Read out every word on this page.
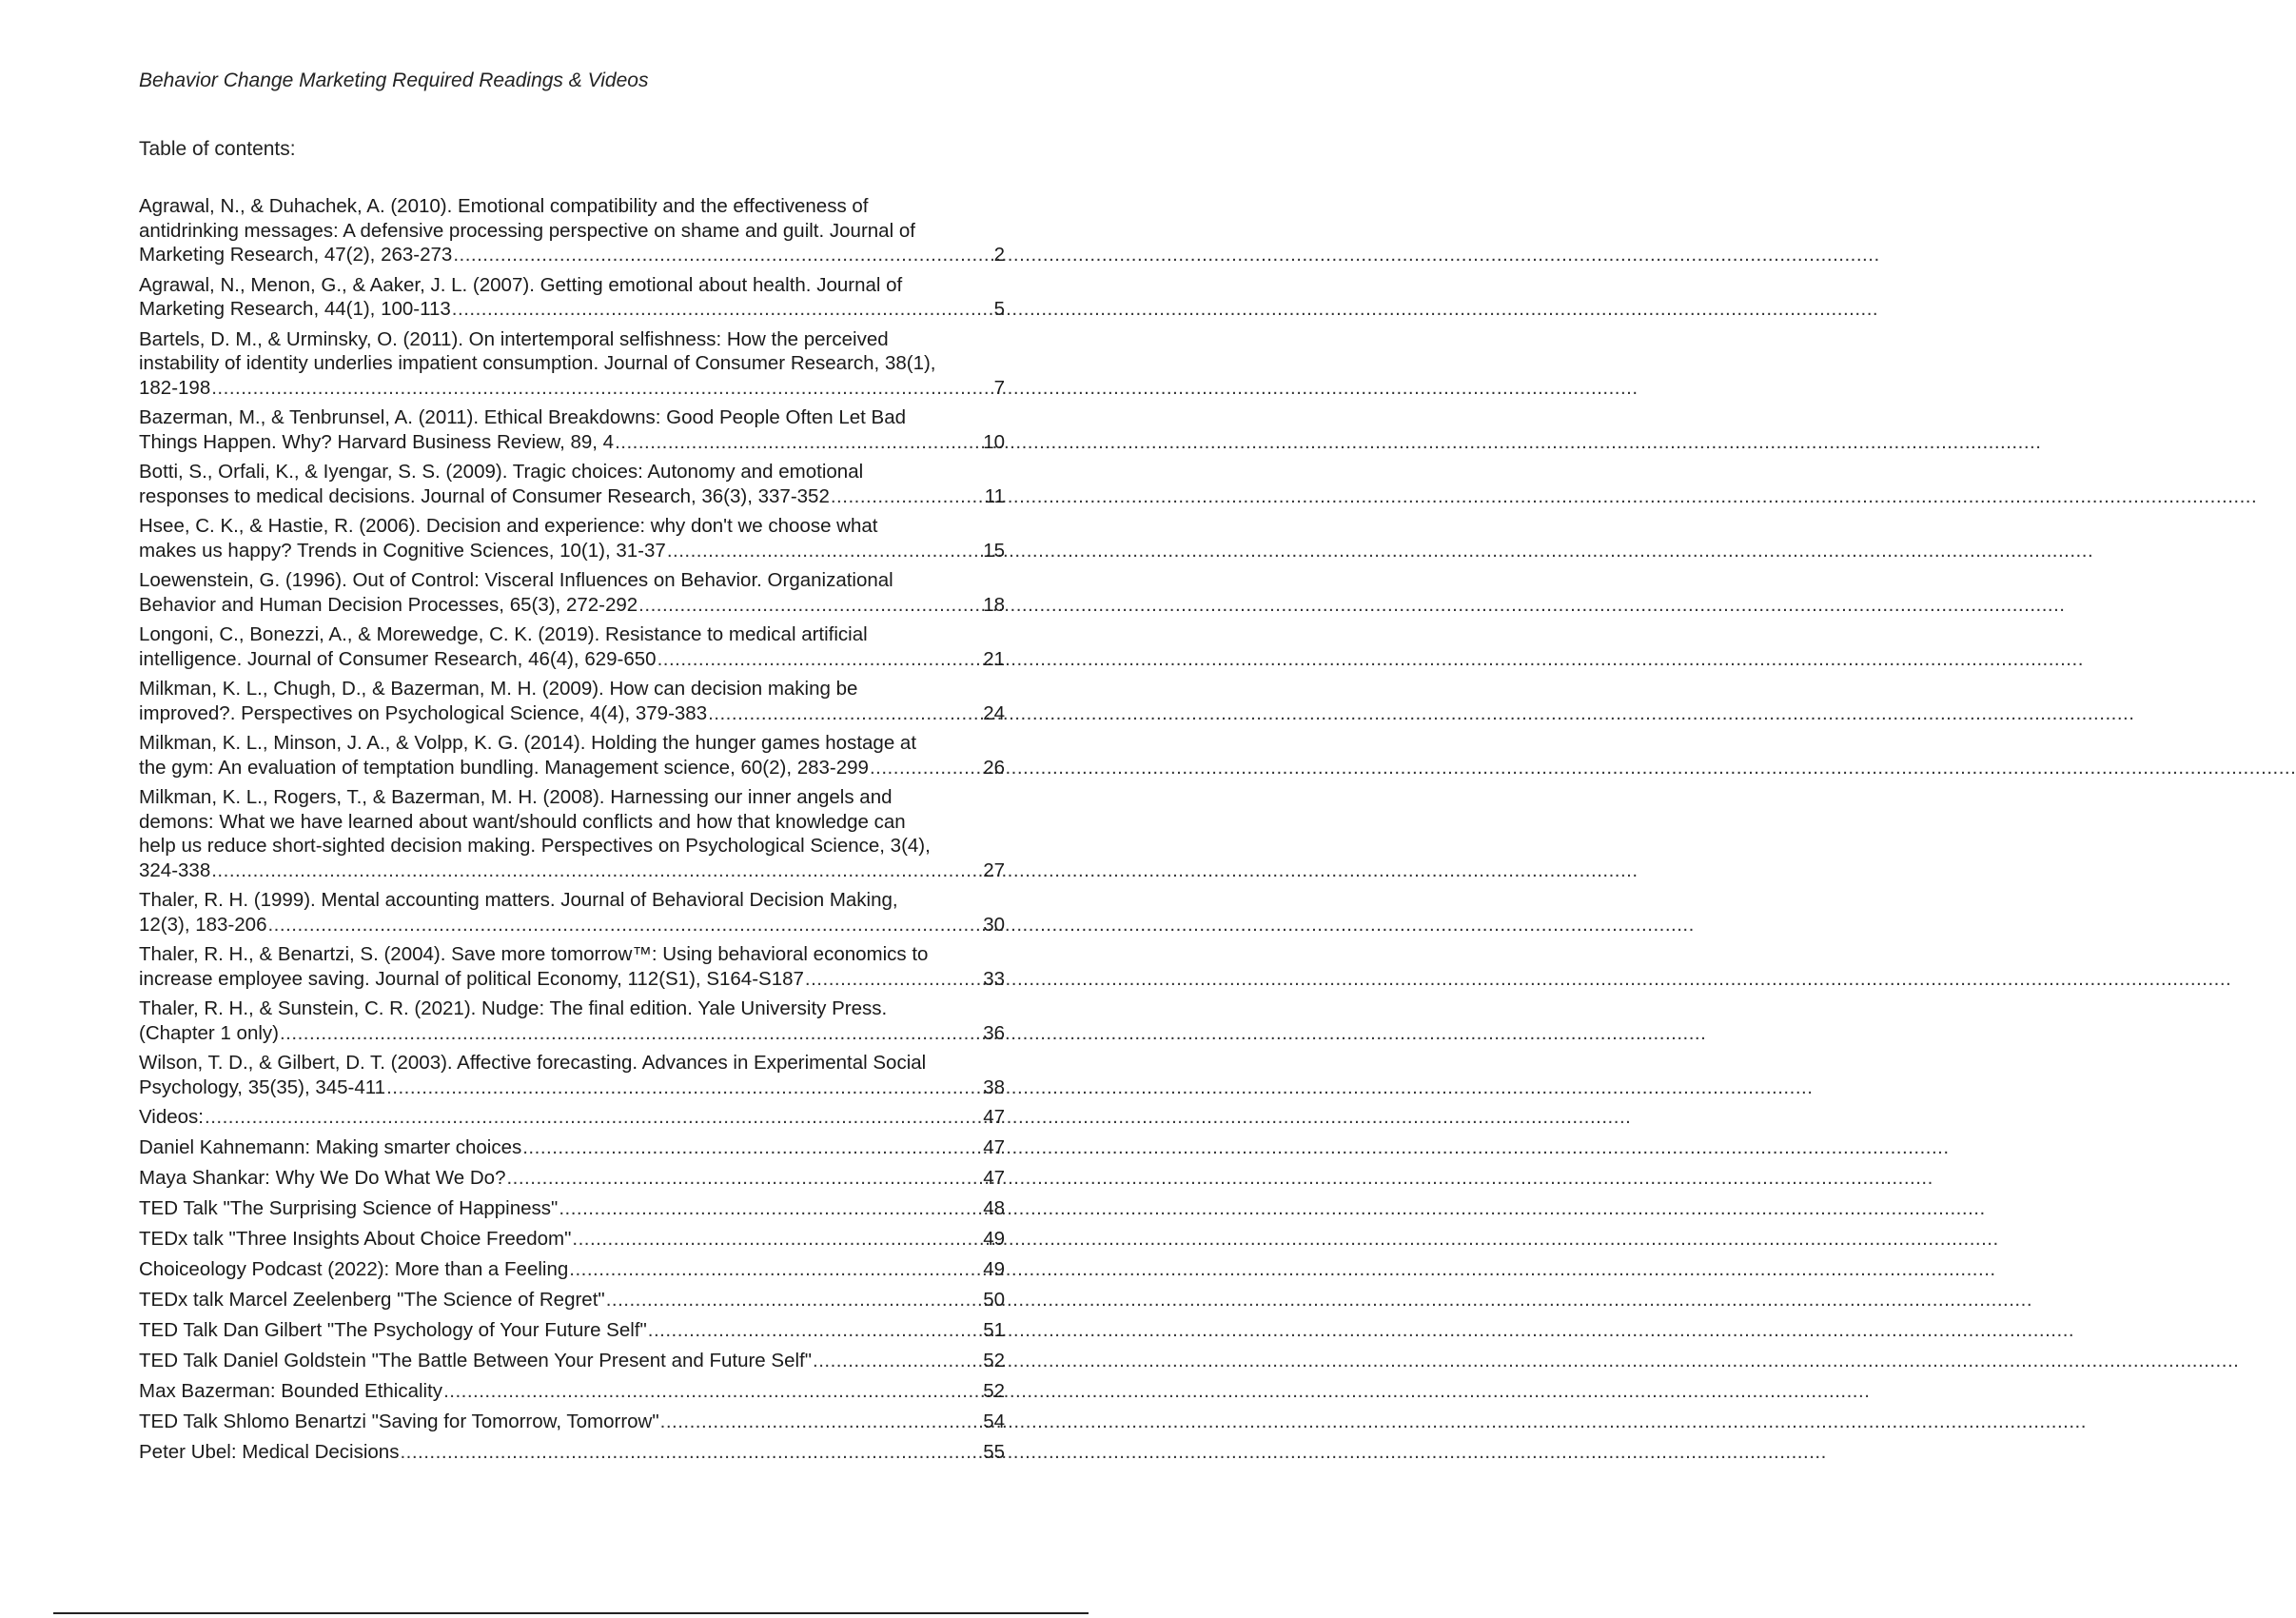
Behavior Change Marketing Required Readings & Videos

Table of contents:

Agrawal, N., & Duhachek, A. (2010). Emotional compatibility and the effectiveness of
antidrinking messages: A defensive processing perspective on shame and guilt. Journal of
Marketing Research, 47(2), 263-273 .....	2
Agrawal, N., Menon, G., & Aaker, J. L. (2007). Getting emotional about health. Journal of
Marketing Research, 44(1), 100-113 .....	5
Bartels, D. M., & Urminsky, O. (2011). On intertemporal selfishness: How the perceived
instability of identity underlies impatient consumption. Journal of Consumer Research, 38(1),
182-198 .....	7
Bazerman, M., & Tenbrunsel, A. (2011). Ethical Breakdowns: Good People Often Let Bad
Things Happen. Why? Harvard Business Review, 89, 4 .....	10
Botti, S., Orfali, K., & Iyengar, S. S. (2009). Tragic choices: Autonomy and emotional
responses to medical decisions. Journal of Consumer Research, 36(3), 337-352 .....	11
Hsee, C. K., & Hastie, R. (2006). Decision and experience: why don't we choose what
makes us happy? Trends in Cognitive Sciences, 10(1), 31-37 .....	15
Loewenstein, G. (1996). Out of Control: Visceral Influences on Behavior. Organizational
Behavior and Human Decision Processes, 65(3), 272-292 .....	18
Longoni, C., Bonezzi, A., & Morewedge, C. K. (2019). Resistance to medical artificial
intelligence. Journal of Consumer Research, 46(4), 629-650 .....	21
Milkman, K. L., Chugh, D., & Bazerman, M. H. (2009). How can decision making be
improved?. Perspectives on Psychological Science, 4(4), 379-383 .....	24
Milkman, K. L., Minson, J. A., & Volpp, K. G. (2014). Holding the hunger games hostage at
the gym: An evaluation of temptation bundling. Management science, 60(2), 283-299 .....	26
Milkman, K. L., Rogers, T., & Bazerman, M. H. (2008). Harnessing our inner angels and
demons: What we have learned about want/should conflicts and how that knowledge can
help us reduce short-sighted decision making. Perspectives on Psychological Science, 3(4),
324-338 .....	27
Thaler, R. H. (1999). Mental accounting matters. Journal of Behavioral Decision Making,
12(3), 183-206 .....	30
Thaler, R. H., & Benartzi, S. (2004). Save more tomorrow™: Using behavioral economics to
increase employee saving. Journal of political Economy, 112(S1), S164-S187 .....	33
Thaler, R. H., & Sunstein, C. R. (2021). Nudge: The final edition. Yale University Press.
(Chapter 1 only) .....	36
Wilson, T. D., & Gilbert, D. T. (2003). Affective forecasting. Advances in Experimental Social
Psychology, 35(35), 345-411 .....	38
Videos: .....	47
Daniel Kahnemann: Making smarter choices .....	47
Maya Shankar: Why We Do What We Do? .....	47
TED Talk "The Surprising Science of Happiness" .....	48
TEDx talk "Three Insights About Choice Freedom" .....	49
Choiceology Podcast (2022): More than a Feeling .....	49
TEDx talk Marcel Zeelenberg "The Science of Regret" .....	50
TED Talk Dan Gilbert "The Psychology of Your Future Self" .....	51
TED Talk Daniel Goldstein "The Battle Between Your Present and Future Self" .....	52
Max Bazerman: Bounded Ethicality .....	52
TED Talk Shlomo Benartzi "Saving for Tomorrow, Tomorrow" .....	54
Peter Ubel: Medical Decisions .....	55
